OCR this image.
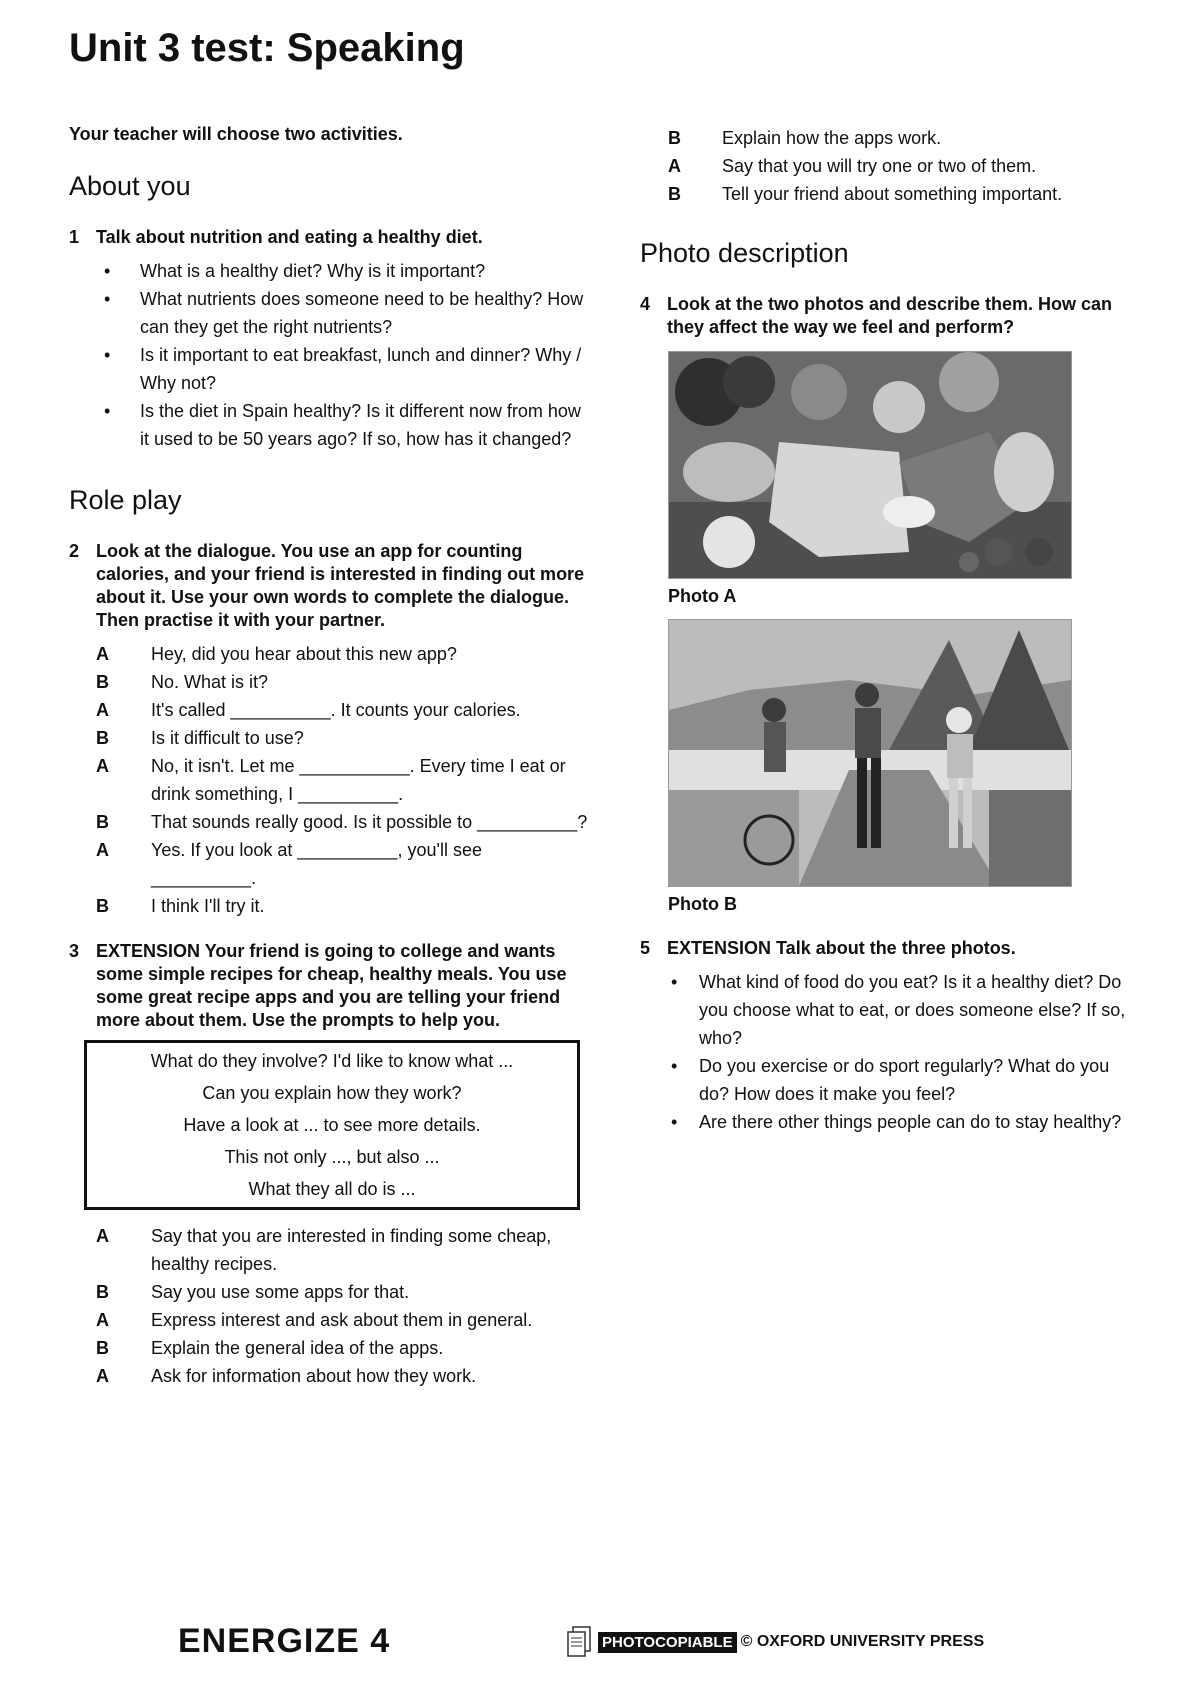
Unit 3 test: Speaking

Your teacher will choose two activities.

About you
1 Talk about nutrition and eating a healthy diet.
• What is a healthy diet? Why is it important?
• What nutrients does someone need to be healthy? How can they get the right nutrients?
• Is it important to eat breakfast, lunch and dinner? Why / Why not?
• Is the diet in Spain healthy? Is it different now from how it used to be 50 years ago? If so, how has it changed?
Role play
2 Look at the dialogue. You use an app for counting calories, and your friend is interested in finding out more about it. Use your own words to complete the dialogue. Then practise it with your partner.
A	Hey, did you hear about this new app?
B	No. What is it?
A	It's called __________. It counts your calories.
B	Is it difficult to use?
A	No, it isn't. Let me ___________. Every time I eat or drink something, I __________.
B	That sounds really good. Is it possible to __________?
A	Yes. If you look at __________, you'll see __________.
B	I think I'll try it.
3 EXTENSION Your friend is going to college and wants some simple recipes for cheap, healthy meals. You use some great recipe apps and you are telling your friend more about them. Use the prompts to help you.
What do they involve? I'd like to know what ...
Can you explain how they work?
Have a look at ... to see more details.
This not only ..., but also ...
What they all do is ...
A	Say that you are interested in finding some cheap, healthy recipes.
B	Say you use some apps for that.
A	Express interest and ask about them in general.
B	Explain the general idea of the apps.
A	Ask for information about how they work.
B	Explain how the apps work.
A	Say that you will try one or two of them.
B	Tell your friend about something important.
Photo description
4 Look at the two photos and describe them. How can they affect the way we feel and perform?
Photo A
Photo B
5 EXTENSION Talk about the three photos.
• What kind of food do you eat? Is it a healthy diet? Do you choose what to eat, or does someone else? If so, who?
• Do you exercise or do sport regularly? What do you do? How does it make you feel?
• Are there other things people can do to stay healthy?
ENERGIZE 4	PHOTOCOPIABLE © OXFORD UNIVERSITY PRESS
